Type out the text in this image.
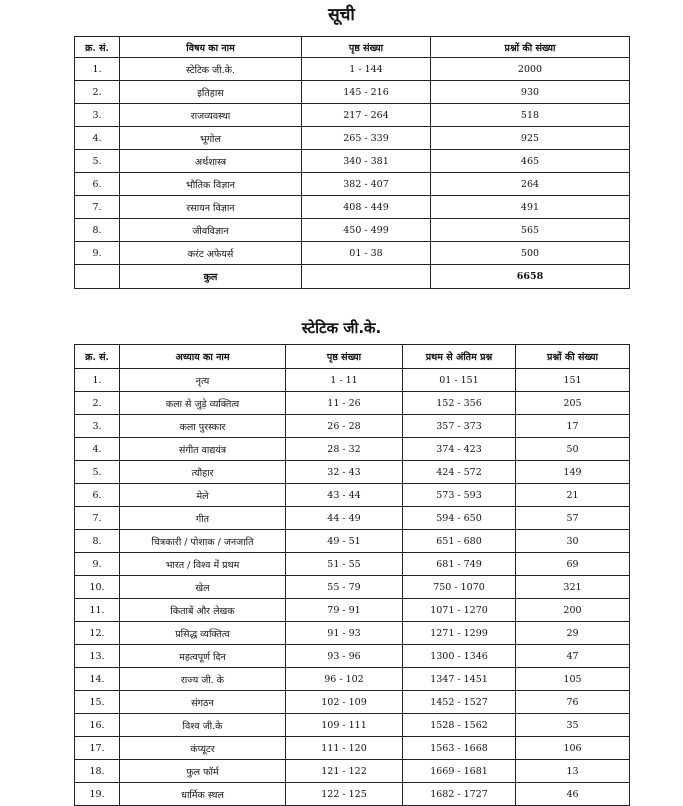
सूची
क्र. सं.	विषय का नाम	पृष्ठ संख्या	प्रश्नों की संख्या
1.	स्टेटिक जी.के.	1 - 144	2000
2.	इतिहास	145 - 216	930
3.	राजव्यवस्था	217 - 264	518
4.	भूगोल	265 - 339	925
5.	अर्थशास्त्र	340 - 381	465
6.	भौतिक विज्ञान	382 - 407	264
7.	रसायन विज्ञान	408 - 449	491
8.	जीवविज्ञान	450 - 499	565
9.	करंट अफेयर्स	01 - 38	500
	कुल		6658
स्टेटिक जी.के.
क्र. सं.	अध्याय का नाम	पृष्ठ संख्या	प्रथम से अंतिम प्रश्न	प्रश्नों की संख्या
1.	नृत्य	1 - 11	01 - 151	151
2.	कला से जुड़े व्यक्तित्व	11 - 26	152 - 356	205
3.	कला पुरस्कार	26 - 28	357 - 373	17
4.	संगीत वाद्ययंत्र	28 - 32	374 - 423	50
5.	त्यौहार	32 - 43	424 - 572	149
6.	मेले	43 - 44	573 - 593	21
7.	गीत	44 - 49	594 - 650	57
8.	चित्रकारी / पोशाक / जनजाति	49 - 51	651 - 680	30
9.	भारत / विश्व में प्रथम	51 - 55	681 - 749	69
10.	खेल	55 - 79	750 - 1070	321
11.	किताबें और लेखक	79 - 91	1071 - 1270	200
12.	प्रसिद्ध व्यक्तित्व	91 - 93	1271 - 1299	29
13.	महत्वपूर्ण दिन	93 - 96	1300 - 1346	47
14.	राज्य जी. के	96 - 102	1347 - 1451	105
15.	संगठन	102 - 109	1452 - 1527	76
16.	विश्व जी.के	109 - 111	1528 - 1562	35
17.	कंप्यूटर	111 - 120	1563 - 1668	106
18.	फुल फॉर्म	121 - 122	1669 - 1681	13
19.	धार्मिक स्थल	122 - 125	1682 - 1727	46
